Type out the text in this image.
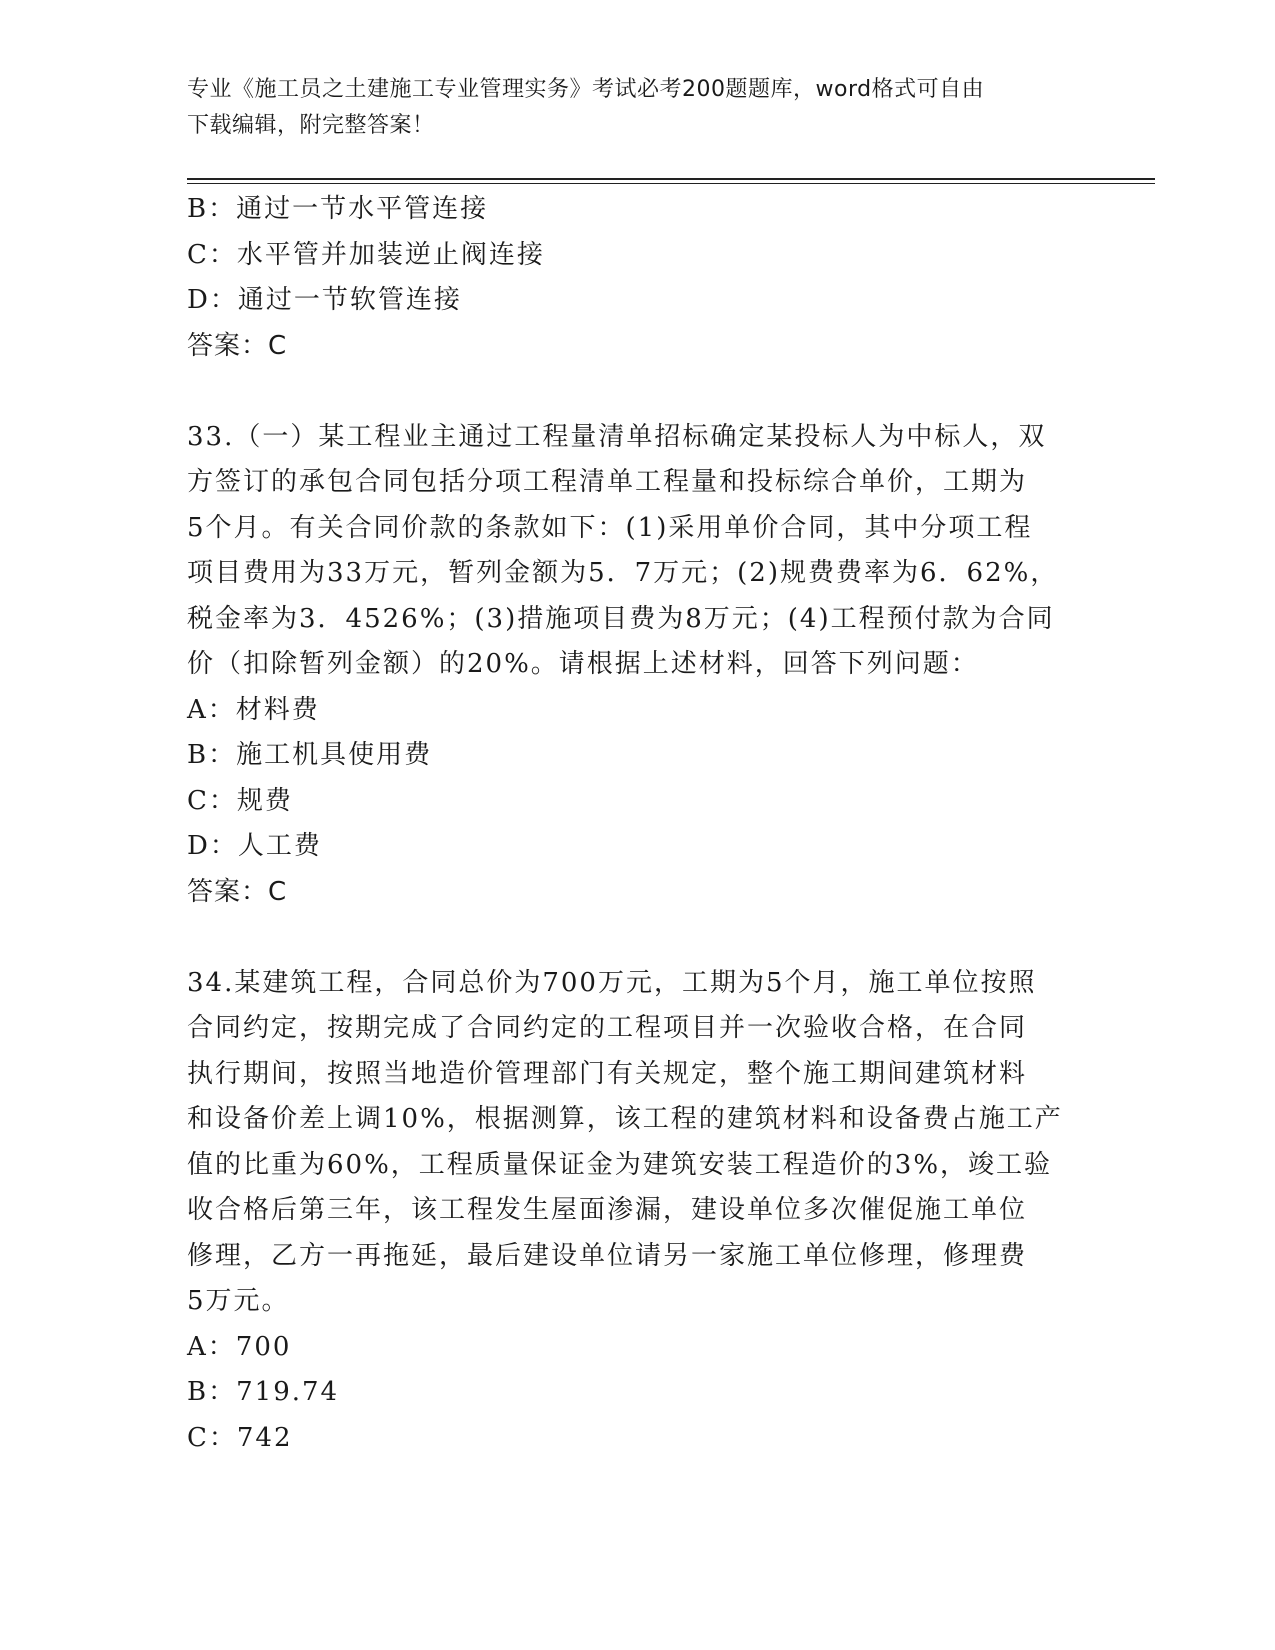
专业《施工员之土建施工专业管理实务》考试必考200题题库，word格式可自由
下载编辑，附完整答案！
B：通过一节水平管连接
C：水平管并加装逆止阀连接
D：通过一节软管连接
答案：C
33.（一）某工程业主通过工程量清单招标确定某投标人为中标人，双
方签订的承包合同包括分项工程清单工程量和投标综合单价，工期为
5个月。有关合同价款的条款如下：(1)采用单价合同，其中分项工程
项目费用为33万元，暂列金额为5．7万元；(2)规费费率为6．62%，
税金率为3．4526%；(3)措施项目费为8万元；(4)工程预付款为合同
价（扣除暂列金额）的20%。请根据上述材料，回答下列问题：
A：材料费
B：施工机具使用费
C：规费
D：人工费
答案：C
34.某建筑工程，合同总价为700万元，工期为5个月，施工单位按照
合同约定，按期完成了合同约定的工程项目并一次验收合格，在合同
执行期间，按照当地造价管理部门有关规定，整个施工期间建筑材料
和设备价差上调10%，根据测算，该工程的建筑材料和设备费占施工产
值的比重为60%，工程质量保证金为建筑安装工程造价的3%，竣工验
收合格后第三年，该工程发生屋面渗漏，建设单位多次催促施工单位
修理，乙方一再拖延，最后建设单位请另一家施工单位修理，修理费
5万元。
A：700
B：719.74
C：742
